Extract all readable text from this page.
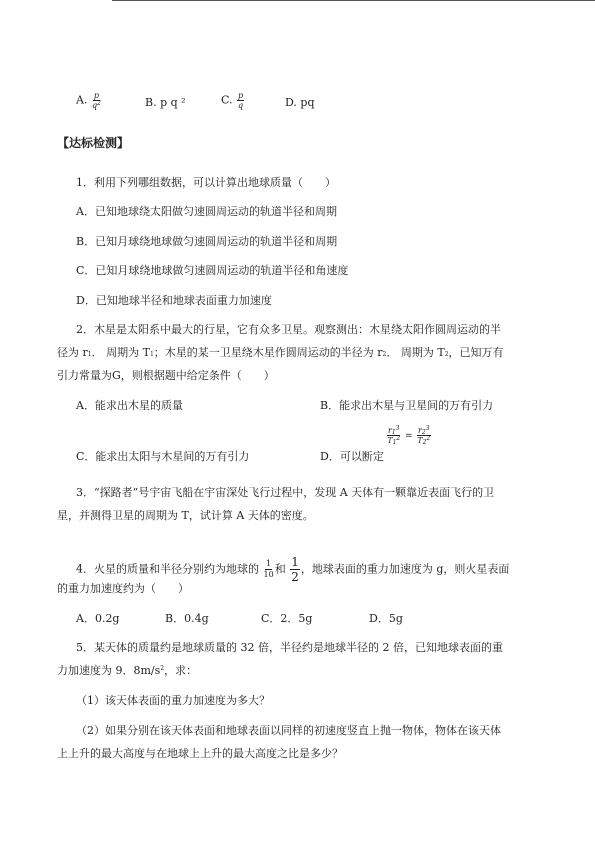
A. $\frac{p}{q^2}$	B. p q ²	C. $\frac{p}{q}$	D. pq
【达标检测】
1．利用下列哪组数据，可以计算出地球质量（　　）
A．已知地球绕太阳做匀速圆周运动的轨道半径和周期
B．已知月球绕地球做匀速圆周运动的轨道半径和周期
C．已知月球绕地球做匀速圆周运动的轨道半径和角速度
D．已知地球半径和地球表面重力加速度
2．木星是太阳系中最大的行星，它有众多卫星。观察测出：木星绕太阳作圆周运动的半
径为 r1． 周期为 T1；木星的某一卫星绕木星作圆周运动的半径为 r2． 周期为 T2，已知万有
引力常量为G，则根据题中给定条件（　　）
A．能求出木星的质量	B．能求出木星与卫星间的万有引力
C．能求出太阳与木星间的万有引力	D．可以断定
$\frac{r_1^3}{T_1^2} = \frac{r_2^3}{T_2^2}$
3．“探路者”号宇宙飞船在宇宙深处飞行过程中，发现 A 天体有一颗靠近表面飞行的卫
星，并测得卫星的周期为 T，试计算 A 天体的密度。
4．火星的质量和半径分别约为地球的 $\frac{1}{10}$ 和 $\frac{1}{2}$ ，地球表面的重力加速度为 g，则火星表面
的重力加速度约为（　　）
A．0.2g	B．0.4g	C．2．5g	D．5g
5．某天体的质量约是地球质量的 32 倍，半径约是地球半径的 2 倍，已知地球表面的重
力加速度为 9．$8m/s^2$，求：
（1）该天体表面的重力加速度为多大？
（2）如果分别在该天体表面和地球表面以同样的初速度竖直上抛一物体，物体在该天体
上上升的最大高度与在地球上上升的最大高度之比是多少？
